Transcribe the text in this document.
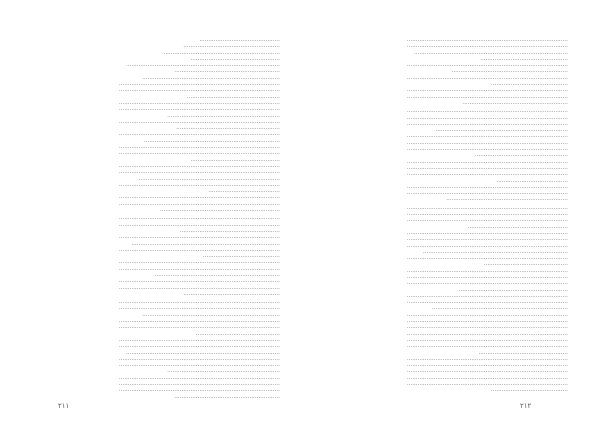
·············································
······················································
·································································
··················································
······················································································
···························································
·············································································
··························································································
··························································································
····················································
··························································································
··························································································
·······························································
··························································································
··························································
··························································································
············································································
··························································································
··························································································
··················································
··························································································
··························································································
···············································································
··························································································
········································
··························································································
··························································································
···································································
··························································································
··························································································
························································
··························································································
···················································································
··························································································
···········································
··························································································
··························································································
······································································
··························································································
··························································································
······················································
··························································································
··························································································
·············································································
··························································································
··························································································
···············································
··························································································
··························································································
······················································································
··························································································
··························································································
·······························································
··························································································
··························································································
··························································································
···························································
··························································································
··························································································
······················································································
·················································
··························································································
·································································
··························································································
···········································
··························································································
··························································································
···························································
··························································································
··························································································
··························································································
··········································································
··························································································
··························································································
··························································································
····················································
··························································································
··························································································
··························································································
········································
··························································································
··························································································
····································································
··························································································
··························································································
··························································································
························································
··························································································
··························································································
··························································································
·················································································
··························································································
···············································
··························································································
··························································································
··························································································
·····························································
··························································································
··························································································
············································································
··························································································
··························································································
··························································································
··························································································
··························································································
··························································································
··················································
··························································································
··························································································
··························································································
··························································································
··························································································
···········································
۲۱۱	۲۱۲
